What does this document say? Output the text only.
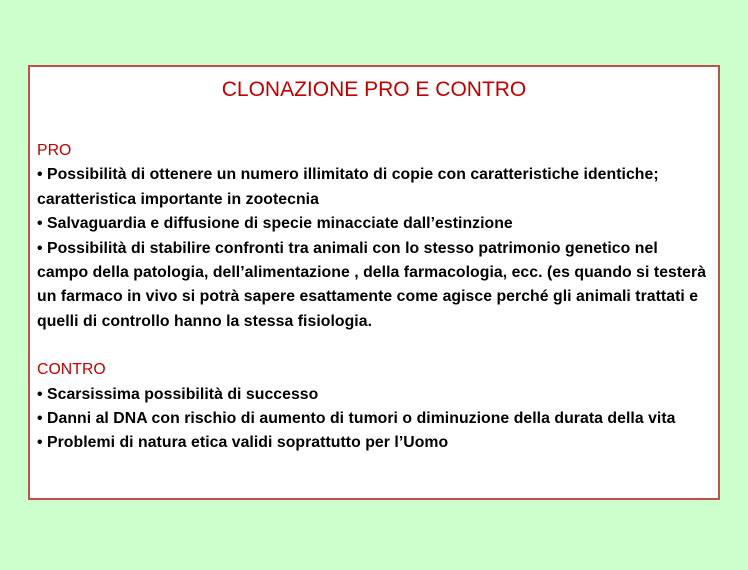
CLONAZIONE PRO E CONTRO
PRO
• Possibilità di ottenere un numero illimitato di copie con caratteristiche identiche; caratteristica importante in zootecnia
• Salvaguardia e diffusione di specie minacciate dall’estinzione
• Possibilità di stabilire confronti tra animali con lo stesso patrimonio genetico nel campo della patologia, dell’alimentazione , della farmacologia, ecc. (es quando si testerà un farmaco in vivo si potrà sapere esattamente come agisce perché gli animali trattati e quelli di controllo hanno la stessa fisiologia.
CONTRO
• Scarsissima possibilità di successo
• Danni al DNA con rischio di aumento di tumori o diminuzione della durata della vita
• Problemi di natura etica validi soprattutto per l’Uomo
